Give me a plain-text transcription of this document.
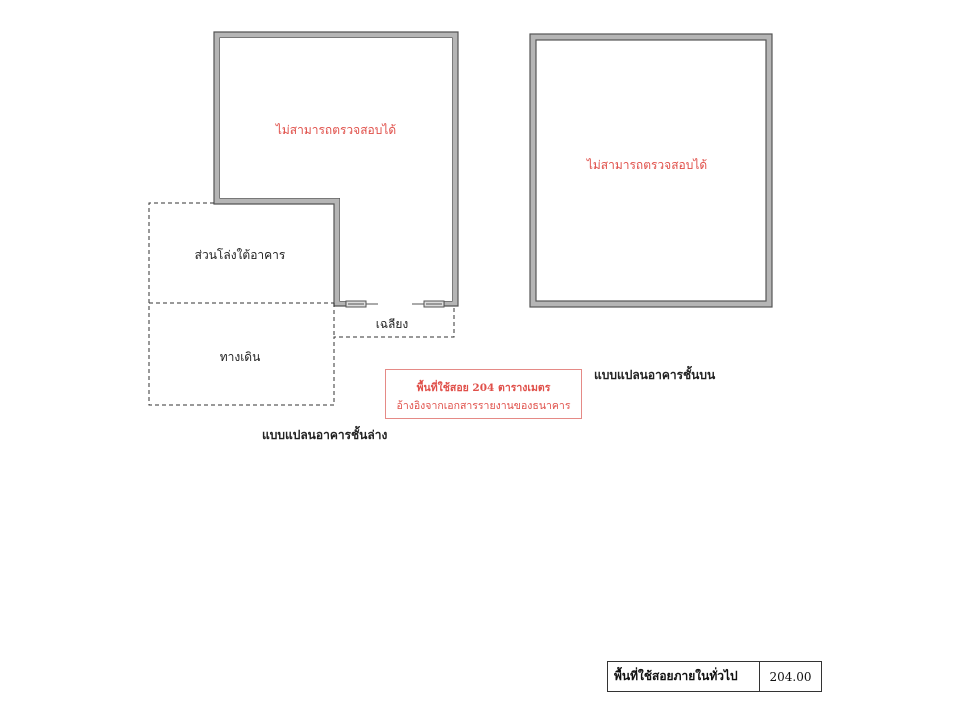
ไม่สามารถตรวจสอบได้
ส่วนโล่งใต้อาคาร
ทางเดิน
เฉลียง
แบบแปลนอาคารชั้นล่าง
ไม่สามารถตรวจสอบได้
แบบแปลนอาคารชั้นบน
พื้นที่ใช้สอย 204 ตารางเมตร
อ้างอิงจากเอกสารรายงานของธนาคาร
พื้นที่ใช้สอยภายในทั่วไป	204.00
